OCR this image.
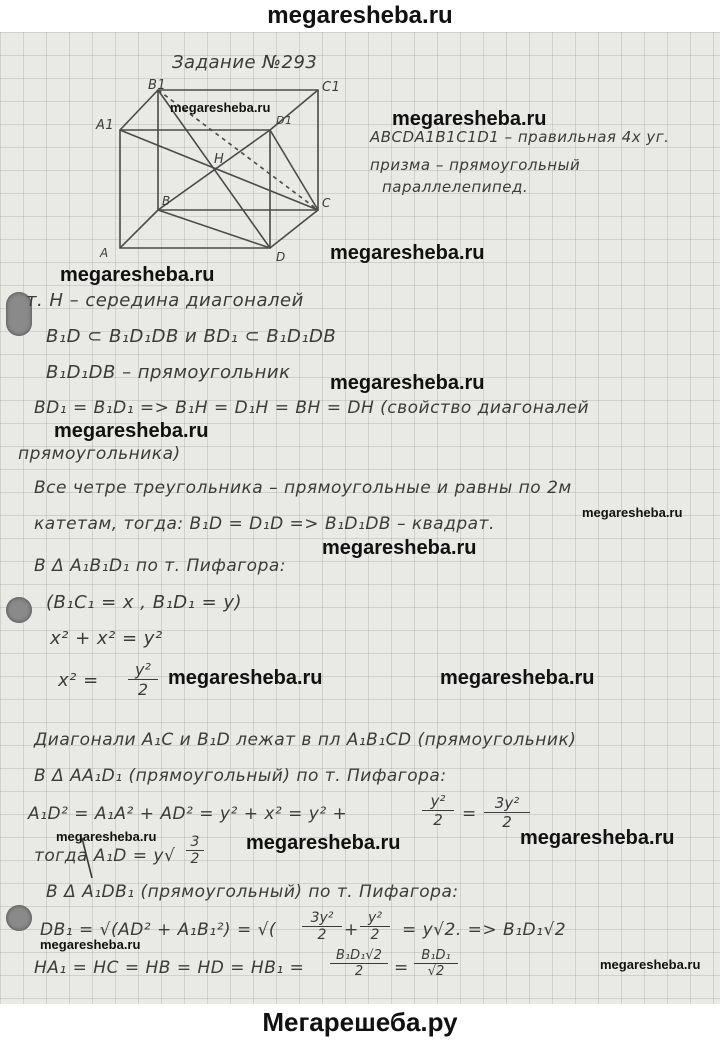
megaresheba.ru
Задание №293
B1	C1
A1	D1
H
B	C
A	D
ABCDA1B1C1D1 – правильная 4х уг.
призма – прямоугольный
параллелепипед.
megaresheba.ru
megaresheba.ru
megaresheba.ru
megaresheba.ru
megaresheba.ru
megaresheba.ru
megaresheba.ru
megaresheba.ru
megaresheba.ru	megaresheba.ru
megaresheba.ru	megaresheba.ru	megaresheba.ru
megaresheba.ru
megaresheba.ru
т. H – середина диагоналей
B₁D ⊂ B₁D₁DB и BD₁ ⊂ B₁D₁DB
B₁D₁DB – прямоугольник
BD₁ = B₁D₁ => B₁H = D₁H = BH = DH (свойство диагоналей
прямоугольника)
Все четре треугольника – прямоугольные и равны по 2м
катетам, тогда: B₁D = D₁D => B₁D₁DB – квадрат.
В Δ A₁B₁D₁ по т. Пифагора:
(B₁C₁ = x , B₁D₁ = y)
x² + x² = y²
$x^2 = \frac{\text{y²}}{2}$
Диагонали A₁C и B₁D лежат в пл A₁B₁CD (прямоугольник)
В Δ AA₁D₁ (прямоугольный) по т. Пифагора:
A₁D² = A₁A² + AD² = y² + x² = y² +	$\frac{\text{y²}}{2} = \frac{\text{3y²}}{2}$
тогда $A_1D = y√ \frac{3}{2}$
В Δ A₁DB₁ (прямоугольный) по т. Пифагора:
DB₁ = √(AD² + A₁B₁²) = √( $\frac{\text{3y²}}{2} + \frac{\text{y²}}{2} = y√2$. => B₁D₁√2
HA₁ = HC = HB = HD = $HB_1 = \frac{\text{B₁D₁√2}}{2} = \frac{\text{B₁D₁}}{√2}$
Мегарешеба.ру
